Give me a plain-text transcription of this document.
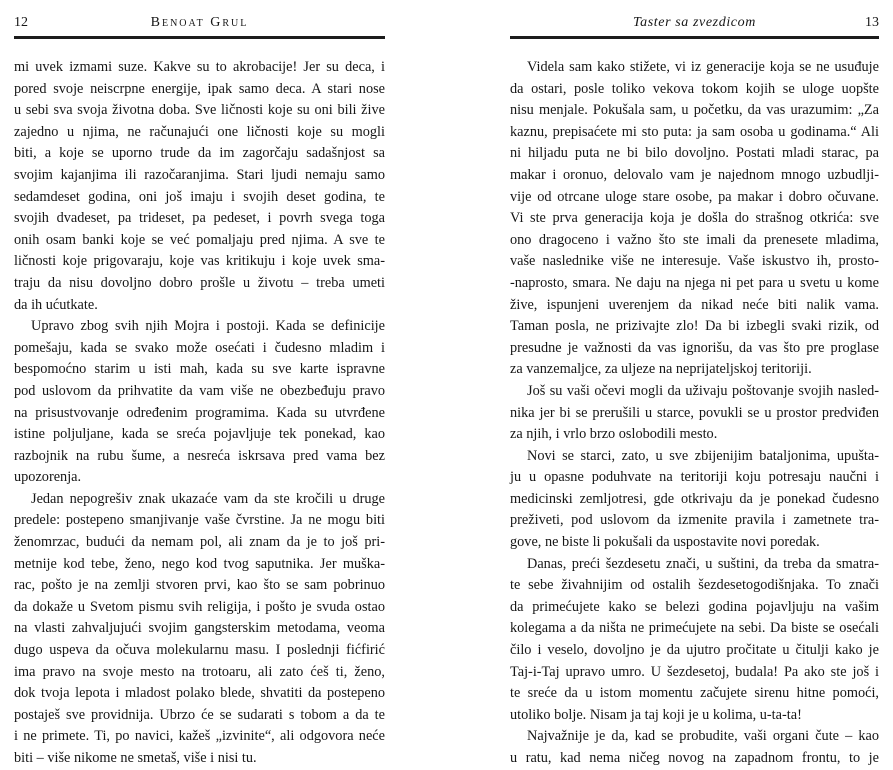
12	Benoat Grul
mi uvek izmami suze. Kakve su to akrobacije! Jer su deca, i
pored svoje neiscrpne energije, ipak samo deca. A stari nose
u sebi sva svoja životna doba. Sve ličnosti koje su oni bili žive
zajedno u njima, ne računajući one ličnosti koje su mogli
biti, a koje se uporno trude da im zagorčaju sadašnjost sa
svojim kajanjima ili razočaranjima. Stari ljudi nemaju samo
sedamdeset godina, oni još imaju i svojih deset godina, te
svojih dvadeset, pa trideset, pa pedeset, i povrh svega toga
onih osam banki koje se već pomaljaju pred njima. A sve te
ličnosti koje prigovaraju, koje vas kritikuju i koje uvek sma-
traju da nisu dovoljno dobro prošle u životu – treba umeti
da ih ućutkate.
Upravo zbog svih njih Mojra i postoji. Kada se definicije
pomešaju, kada se svako može osećati i čudesno mladim i
bespomoćno starim u isti mah, kada su sve karte ispravne
pod uslovom da prihvatite da vam više ne obezbeđuju pravo
na prisustvovanje određenim programima. Kada su utvrđene
istine poljuljane, kada se sreća pojavljuje tek ponekad, kao
razbojnik na rubu šume, a nesreća iskrsava pred vama bez
upozorenja.
Jedan nepogrešiv znak ukazaće vam da ste kročili u druge
predele: postepeno smanjivanje vaše čvrstine. Ja ne mogu biti
ženomrzac, budući da nemam pol, ali znam da je to još pri-
metnije kod tebe, ženo, nego kod tvog saputnika. Jer muška-
rac, pošto je na zemlji stvoren prvi, kao što se sam pobrinuo
da dokaže u Svetom pismu svih religija, i pošto je svuda ostao
na vlasti zahvaljujući svojim gangsterskim metodama, veoma
dugo uspeva da očuva molekularnu masu. I poslednji fićfirić
ima pravo na svoje mesto na trotoaru, ali zato ćeš ti, ženo,
dok tvoja lepota i mladost polako blede, shvatiti da postepeno
postaješ sve providnija. Ubrzo će se sudarati s tobom a da te
i ne primete. Ti, po navici, kažeš „izvinite“, ali odgovora neće
biti – više nikome ne smetaš, više i nisi tu.
Taster sa zvezdicom	13
Videla sam kako stižete, vi iz generacije koja se ne usuđuje
da ostari, posle toliko vekova tokom kojih se uloge uopšte
nisu menjale. Pokušala sam, u početku, da vas urazumim: „Za
kaznu, prepisaćete mi sto puta: ja sam osoba u godinama.“ Ali
ni hiljadu puta ne bi bilo dovoljno. Postati mladi starac, pa
makar i oronuo, delovalo vam je najednom mnogo uzbudlji-
vije od otrcane uloge stare osobe, pa makar i dobro očuvane.
Vi ste prva generacija koja je došla do strašnog otkrića: sve
ono dragoceno i važno što ste imali da prenesete mladima,
vaše naslednike više ne interesuje. Vaše iskustvo ih, prosto-
-naprosto, smara. Ne daju na njega ni pet para u svetu u kome
žive, ispunjeni uverenjem da nikad neće biti nalik vama.
Taman posla, ne prizivajte zlo! Da bi izbegli svaki rizik, od
presudne je važnosti da vas ignorišu, da vas što pre proglase
za vanzemaljce, za uljeze na neprijateljskoj teritoriji.
Još su vaši očevi mogli da uživaju poštovanje svojih nasled-
nika jer bi se prerušili u starce, povukli se u prostor predviđen
za njih, i vrlo brzo oslobodili mesto.
Novi se starci, zato, u sve zbijenijim bataljonima, upušta-
ju u opasne poduhvate na teritoriji koju potresaju naučni i
medicinski zemljotresi, gde otkrivaju da je ponekad čudesno
preživeti, pod uslovom da izmenite pravila i zametnete tra-
gove, ne biste li pokušali da uspostavite novi poredak.
Danas, preći šezdesetu znači, u suštini, da treba da smatra-
te sebe živahnijim od ostalih šezdesetogodišnjaka. To znači
da primećujete kako se belezi godina pojavljuju na vašim
kolegama a da ništa ne primećujete na sebi. Da biste se osećali
čilo i veselo, dovoljno je da ujutro pročitate u čitulji kako je
Taj-i-Taj upravo umro. U šezdesetoj, budala! Pa ako ste još i
te sreće da u istom momentu začujete sirenu hitne pomoći,
utoliko bolje. Nisam ja taj koji je u kolima, u-ta-ta!
Najvažnije je da, kad se probudite, vaši organi čute – kao
u ratu, kad nema ničeg novog na zapadnom frontu, to je
